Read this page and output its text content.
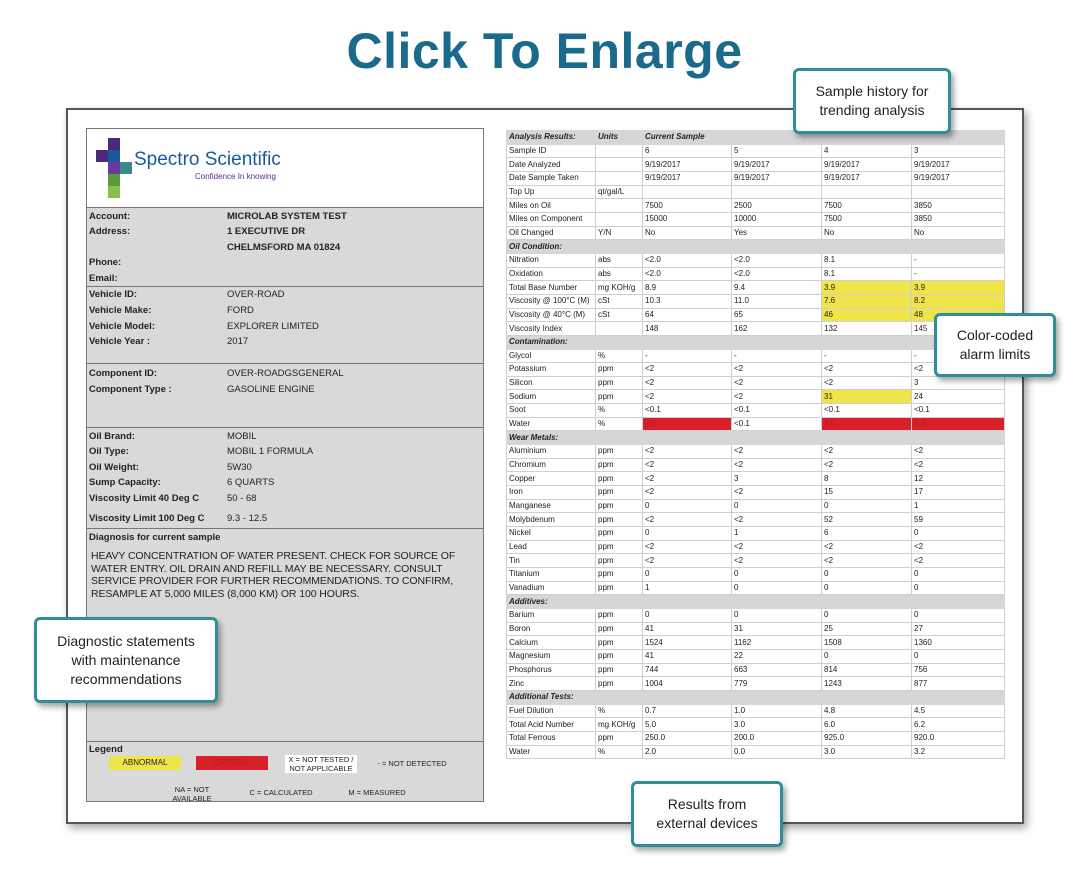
Click To Enlarge
Spectro Scientific
Confidence In knowing
Account:	MICROLAB SYSTEM TEST
Address:	1 EXECUTIVE DR
CHELMSFORD MA 01824
Phone:
Email:
Vehicle ID:	OVER-ROAD
Vehicle Make:	FORD
Vehicle Model:	EXPLORER LIMITED
Vehicle Year :	2017
Component ID:	OVER-ROADGSGENERAL
Component Type :	GASOLINE ENGINE
Oil Brand:	MOBIL
Oil Type:	MOBIL 1 FORMULA
Oil Weight:	5W30
Sump Capacity:	6 QUARTS
Viscosity Limit 40 Deg C	50 - 68
Viscosity Limit 100 Deg C 9.3 - 12.5
Diagnosis for current sample
HEAVY CONCENTRATION OF WATER PRESENT. CHECK FOR SOURCE OF WATER ENTRY. OIL DRAIN AND REFILL MAY BE NECESSARY. CONSULT SERVICE PROVIDER FOR FURTHER RECOMMENDATIONS. TO CONFIRM, RESAMPLE AT 5,000 MILES (8,000 KM) OR 100 HOURS.
Legend
ABNORMAL	CRITICAL	X = NOT TESTED /
NOT APPLICABLE
- = NOT DETECTED
NA = NOT
AVAILABLE
C = CALCULATED	M = MEASURED
Analysis Results:	Units	Current Sample			
Sample ID		6	5	4	3
Date Analyzed		9/19/2017	9/19/2017	9/19/2017	9/19/2017
Date Sample Taken		9/19/2017	9/19/2017	9/19/2017	9/19/2017
Top Up	qt/gal/L				
Miles on Oil		7500	2500	7500	3850
Miles on Component		15000	10000	7500	3850
Oil Changed	Y/N	No	Yes	No	No
Oil Condition:					
Nitration	abs	<2.0	<2.0	8.1	-
Oxidation	abs	<2.0	<2.0	8.1	-
Total Base Number	mg KOH/g	8.9	9.4	3.9	3.9
Viscosity @ 100°C (M)	cSt	10.3	11.0	7.6	8.2
Viscosity @ 40°C (M)	cSt	64	65	46	48
Viscosity Index		148	162	132	145
Contamination:					
Glycol	%	-	-	-	-
Potassium	ppm	<2	<2	<2	<2
Silicon	ppm	<2	<2	<2	3
Sodium	ppm	<2	<2	31	24
Soot	%	<0.1	<0.1	<0.1	<0.1
Water	%	2.0	<0.1	3.0	3.2
Wear Metals:					
Aluminium	ppm	<2	<2	<2	<2
Chromium	ppm	<2	<2	<2	<2
Copper	ppm	<2	3	8	12
Iron	ppm	<2	<2	15	17
Manganese	ppm	0	0	0	1
Molybdenum	ppm	<2	<2	52	59
Nickel	ppm	0	1	6	0
Lead	ppm	<2	<2	<2	<2
Tin	ppm	<2	<2	<2	<2
Titanium	ppm	0	0	0	0
Vanadium	ppm	1	0	0	0
Additives:					
Barium	ppm	0	0	0	0
Boron	ppm	41	31	25	27
Calcium	ppm	1524	1162	1508	1360
Magnesium	ppm	41	22	0	0
Phosphorus	ppm	744	663	814	756
Zinc	ppm	1004	779	1243	877
Additional Tests:					
Fuel Dilution	%	0.7	1.0	4.8	4.5
Total Acid Number	mg KOH/g	5.0	3.0	6.0	6.2
Total Ferrous	ppm	250.0	200.0	925.0	920.0
Water	%	2.0	0.0	3.0	3.2
Sample history for
trending analysis
Color-coded
alarm limits
Diagnostic statements
with maintenance
recommendations
Results from
external devices
